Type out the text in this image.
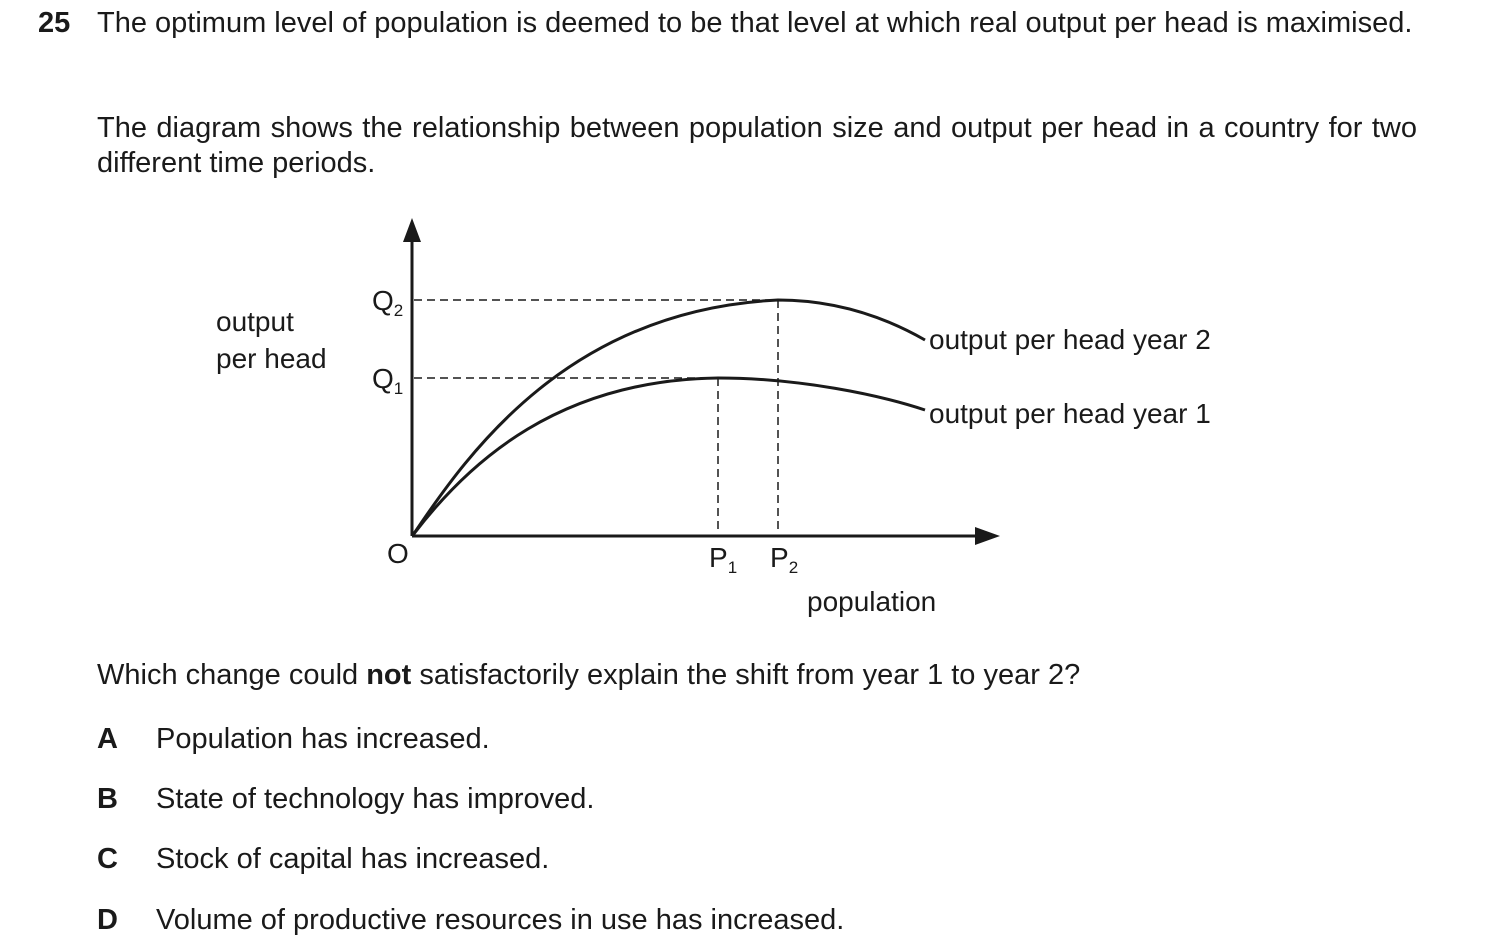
25 The optimum level of population is deemed to be that level at which real output per head is maximised.
The diagram shows the relationship between population size and output per head in a country for two different time periods.
output
per head
$Q_2$
$Q_1$
O	$P_1$ $P_2$
population
output per head year 2
output per head year 1
Which change could not satisfactorily explain the shift from year 1 to year 2?
A Population has increased.
B State of technology has improved.
C Stock of capital has increased.
D Volume of productive resources in use has increased.
